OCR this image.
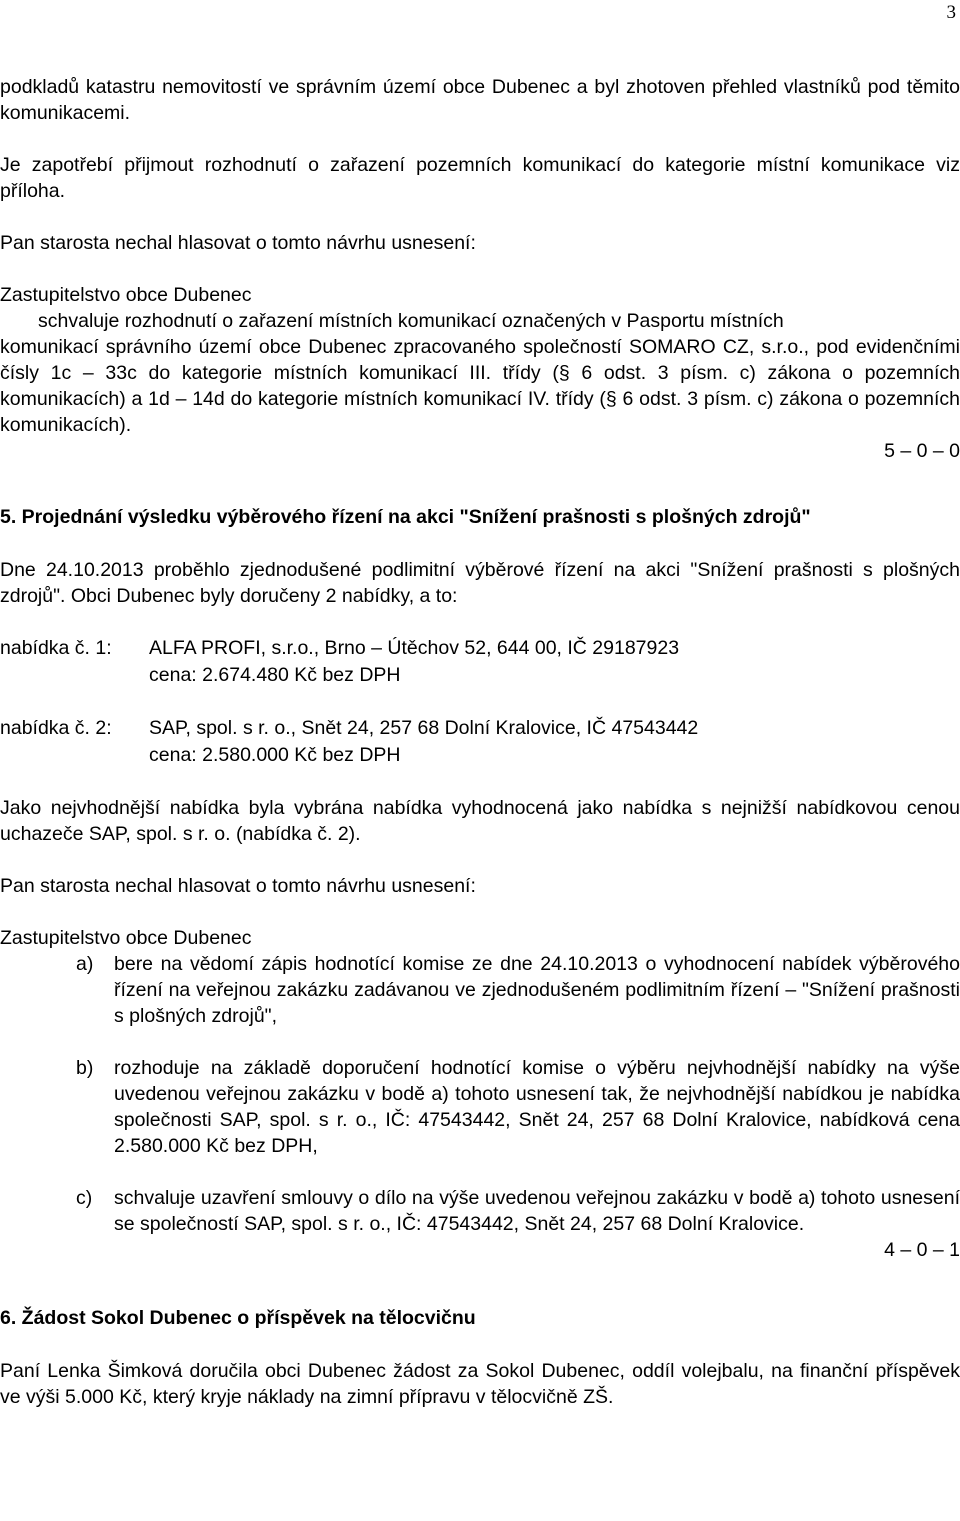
3

podkladů katastru nemovitostí ve správním území obce Dubenec a byl zhotoven přehled vlastníků pod těmito komunikacemi.

Je zapotřebí přijmout rozhodnutí o zařazení pozemních komunikací do kategorie místní komunikace viz příloha.

Pan starosta nechal hlasovat o tomto návrhu usnesení:

Zastupitelstvo obce Dubenec

schvaluje rozhodnutí o zařazení místních komunikací označených v Pasportu místních

komunikací správního území obce Dubenec zpracovaného společností SOMARO CZ, s.r.o., pod evidenčními čísly 1c – 33c do kategorie místních komunikací III. třídy (§ 6 odst. 3 písm. c) zákona o pozemních komunikacích) a 1d – 14d do kategorie místních komunikací IV. třídy (§ 6 odst. 3 písm. c) zákona o pozemních komunikacích).

5 – 0 – 0

5. Projednání výsledku výběrového řízení na akci "Snížení prašnosti s plošných zdrojů"

Dne 24.10.2013 proběhlo zjednodušené podlimitní výběrové řízení na akci "Snížení prašnosti s plošných zdrojů". Obci Dubenec byly doručeny 2 nabídky, a to:

nabídka č. 1:	ALFA PROFI, s.r.o., Brno – Útěchov 52, 644 00, IČ 29187923
cena: 2.674.480 Kč bez DPH
nabídka č. 2:	SAP, spol. s r. o., Snět 24, 257 68 Dolní Kralovice, IČ 47543442
cena: 2.580.000 Kč bez DPH

Jako nejvhodnější nabídka byla vybrána nabídka vyhodnocená jako nabídka s nejnižší nabídkovou cenou uchazeče SAP, spol. s r. o. (nabídka č. 2).

Pan starosta nechal hlasovat o tomto návrhu usnesení:

Zastupitelstvo obce Dubenec

a)	bere na vědomí zápis hodnotící komise ze dne 24.10.2013 o vyhodnocení nabídek výběrového řízení na veřejnou zakázku zadávanou ve zjednodušeném podlimitním řízení – "Snížení prašnosti s plošných zdrojů",
b)	rozhoduje na základě doporučení hodnotící komise o výběru nejvhodnější nabídky na výše uvedenou veřejnou zakázku v bodě a) tohoto usnesení tak, že nejvhodnější nabídkou je nabídka společnosti SAP, spol. s r. o., IČ: 47543442, Snět 24, 257 68 Dolní Kralovice, nabídková cena 2.580.000 Kč bez DPH,
c)	schvaluje uzavření smlouvy o dílo na výše uvedenou veřejnou zakázku v bodě a) tohoto usnesení se společností SAP, spol. s r. o., IČ: 47543442, Snět 24, 257 68 Dolní Kralovice.

4 – 0 – 1

6. Žádost Sokol Dubenec o příspěvek na tělocvičnu

Paní Lenka Šimková doručila obci Dubenec žádost za Sokol Dubenec, oddíl volejbalu, na finanční příspěvek ve výši 5.000 Kč, který kryje náklady na zimní přípravu v tělocvičně ZŠ.
